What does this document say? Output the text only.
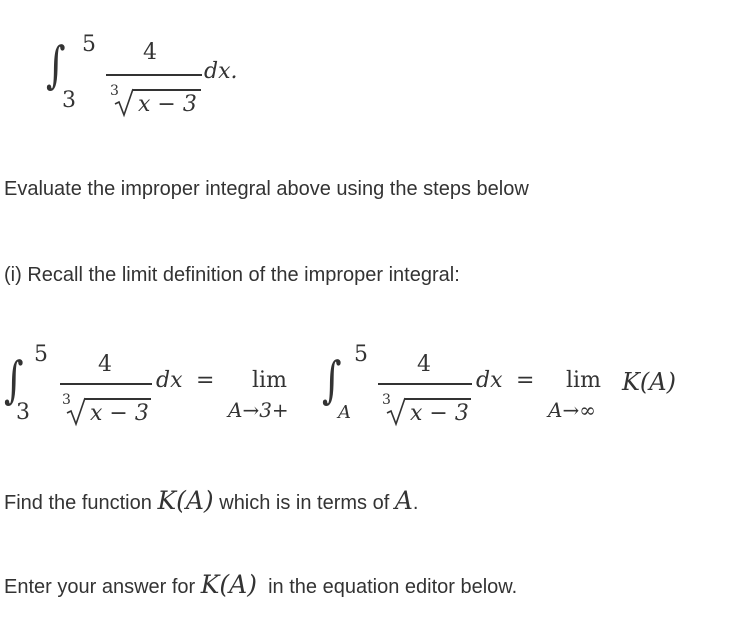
∫ 5
3
4
3
x − 3
dx.
Evaluate the improper integral above using the steps below
(i) Recall the limit definition of the improper integral:
∫ 5
3
4
3
x − 3
dx = lim
A→3+
∫ 5
A
4
3
x − 3
dx = lim
A→∞
K(A)
Find the function K(A) which is in terms of A.
Enter your answer for K(A)  in the equation editor below.
